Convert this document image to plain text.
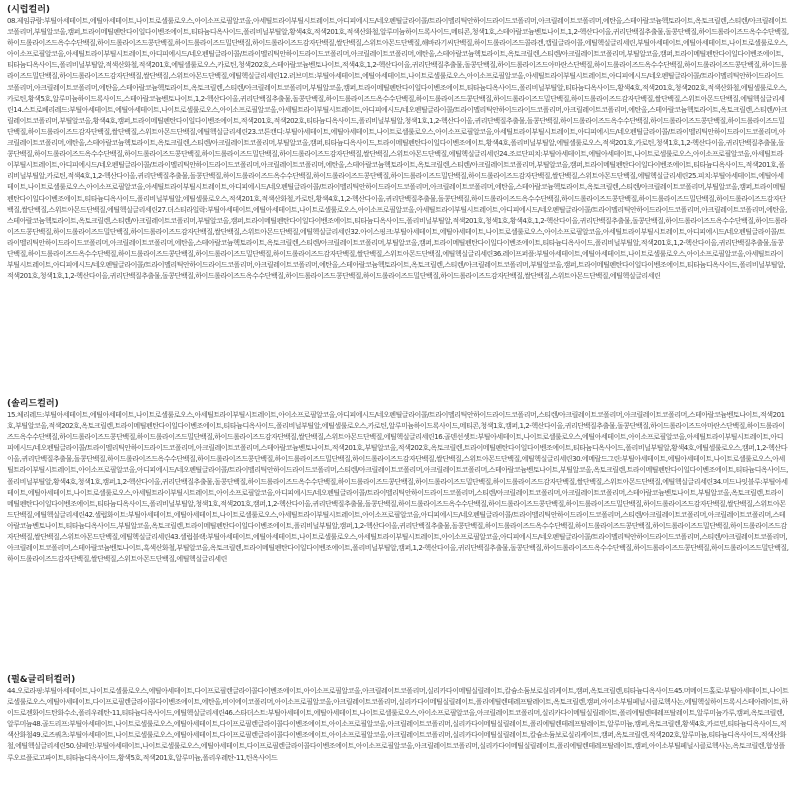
(시럽컬러)

08.제임큐람:부틸아세테이트,에틸아세테이트,나이트로셀룰로오스,아이소프로필알코올,아세틸트라이부틸시트레이트,아디피에시드/네오펜틸글라이콜/트라이멜리틱안하이드라이드코폴리머,아크릴레이트코폴리머,에탄올,스테아랄코늄헥토라이트,옥토크릴렌,스티렌/아크릴레이트코폴리머,부틸알코올,캠퍼,트라이메틸펜탄다이일다이벤조에이트,티타늄디옥사이드,폴리비닐부틸알,황색4호,적색201호,적색산화철,알루미늄하이드록사이드,메티콘,청색1호,스테아랄코늄벤토나이트,1,2-헥산다이올,귀리단백질추출물,돌콩단백질,하이드롤라이즈드옥수수단백질,하이드롤라이즈드옥수수단백질,하이드롤라이즈드콩단백질,하이드롤라이즈드밀단백질,하이드롤라이즈드감자단백질,쌀단백질,스위트아몬드단백질,해바라기씨단백질,하이드롤라이즈드콜라겐,캡릴글라이콜,에틸헥실글리세린,부틸아세테이트,에틸아세테이트,나이트로셀룰로오스,아이소프로필알코올,아세틸트라이부틸시트레이트,아디피에시드/네오펜틸글라이콜/트라이멜리틱안하이드라이드코폴리머,아크릴레이트코폴리머,에탄올,스테아랄코늄헥토라이트,옥토크릴렌,스티렌/아크릴레이트코폴리머,부틸알코올,캠퍼,트라이메틸펜탄다이일다이벤조에이트,티타늄디옥사이드,폴리비닐부틸알,적색산화철,적색201호,에틸셀룰로오스,카로틴,청색202호,스테아랄코늄벤토나이트,적색4호,1,2-헥산다이올,귀리단백질추출물,돌콩단백질,하이드롤라이즈드아마란스단백질,하이드롤라이즈드옥수수단백질,하이드롤라이즈드콩단백질,하이드롤라이즈드밀단백질,하이드롤라이즈드감자단백질,쌀단백질,스위트아몬드단백질,에틸헥실글리세린12.러브미트:부틸아세테이트,에틸아세테이트,나이트로셀룰로오스,아이소프로필알코올,아세틸트라이부틸시트레이트,아디피에시드/네오펜틸글라이콜/트라이멜리틱안하이드라이드코폴리머,아크릴레이트코폴리머,에탄올,스테아랄코늄헥토라이트,옥토크릴렌,스티렌/아크릴레이트코폴리머,부틸알코올,캠퍼,트라이메틸펜탄다이일다이벤조에이트,티타늄디옥사이드,폴리비닐부틸알,티타늄디옥사이드,황색4호,적색201호,청색202호,적색산화철,에틸셀룰로오스,카로틴,황색5호,알루미늄하이드록사이드,스테아랄코늄벤토나이트,1,2-헥산다이올,귀리단백질추출물,돌콩단백질,하이드롤라이즈드옥수수단백질,하이드롤라이즈드콩단백질,하이드롤라이즈드밀단백질,하이드롤라이즈드감자단백질,쌀단백질,스위트아몬드단백질,에틸헥실글리세린14.스트로베리레드:부틸아세테이트,에틸아세테이트,나이트로셀룰로오스,아이소프로필알코올,아세틸트라이부틸시트레이트,아디피에시드/네오펜틸글라이콜/트라이멜리틱안하이드라이드코폴리머,아크릴레이트코폴리머,에탄올,스테아랄코늄헥토라이트,옥토크릴렌,스티렌/아크릴레이트코폴리머,부틸알코올,황색4호,캠퍼,트라이메틸펜탄다이일다이벤조에이트,적색201호,적색202호,티타늄디옥사이드,폴리비닐부틸알,청색1호,1,2-헥산다이올,귀리단백질추출물,돌콩단백질,하이드롤라이즈드옥수수단백질,하이드롤라이즈드콩단백질,하이드롤라이즈드밀단백질,하이드롤라이즈드감자단백질,쌀단백질,스위트아몬드단백질,에틸헥실글리세린23.코튼캔디:부틸아세테이트,에틸아세테이트,나이트로셀룰로오스,아이소프로필알코올,아세틸트라이부틸시트레이트,아디피에시드/네오펜틸글라이콜/트라이멜리틱안하이드라이드코폴리머,아크릴레이트코폴리머,에탄올,스테아랄코늄헥토라이트,옥토크릴렌,스티렌/아크릴레이트코폴리머,부틸알코올,캠퍼,티타늄디옥사이드,트라이메틸펜탄다이일다이벤조에이트,황색4호,폴리비닐부틸알,에틸셀룰로오스,적색201호,카로틴,청색1호,1,2-헥산다이올,귀리단백질추출물,돌콩단백질,하이드롤라이즈드옥수수단백질,하이드롤라이즈드콩단백질,하이드롤라이즈드밀단백질,하이드롤라이즈드감자단백질,쌀단백질,스위트아몬드단백질,에틸헥실글리세린24.조르단피치:부틸아세테이트,에틸아세테이트,나이트로셀룰로오스,아이소프로필알코올,아세틸트라이부틸시트레이트,아디피에시드/네오펜틸글라이콜/트라이멜리틱안하이드라이드코폴리머,아크릴레이트코폴리머,에탄올,스테아랄코늄헥토라이트,옥토크릴렌,스티렌/아크릴레이트코폴리머,부틸알코올,캠퍼,트라이메틸펜탄다이일다이벤조에이트,티타늄디옥사이드,적색201호,폴리비닐부틸알,카로틴,적색4호,1,2-헥산다이올,귀리단백질추출물,돌콩단백질,하이드롤라이즈드옥수수단백질,하이드롤라이즈드콩단백질,하이드롤라이즈드밀단백질,하이드롤라이즈드감자단백질,쌀단백질,스위트아몬드단백질,에틸헥실글리세린25.피치:부틸아세테이트,에틸아세테이트,나이트로셀룰로오스,아이소프로필알코올,아세틸트라이부틸시트레이트,아디피에시드/네오펜틸글라이콜/트라이멜리틱안하이드라이드코폴리머,아크릴레이트코폴리머,에탄올,스테아랄코늄헥토라이트,옥토크릴렌,스티렌/아크릴레이트코폴리머,부틸알코올,캠퍼,트라이메틸펜탄다이일다이벤조에이트,티타늄디옥사이드,폴리비닐부틸알,에틸셀룰로오스,적색201호,적색산화철,카로틴,황색4호,1,2-헥산다이올,귀리단백질추출물,돌콩단백질,하이드롤라이즈드옥수수단백질,하이드롤라이즈드콩단백질,하이드롤라이즈드밀단백질,하이드롤라이즈드감자단백질,쌀단백질,스위트아몬드단백질,에틸헥실글리세린27.더스티라일락:부틸아세테이트,에틸아세테이트,나이트로셀룰로오스,아이소프로필알코올,아세틸트라이부틸시트레이트,아디피에시드/네오펜틸글라이콜/트라이멜리틱안하이드라이드코폴리머,아크릴레이트코폴리머,에탄올,스테아랄코늄헥토라이트,옥토크릴렌,스티렌/아크릴레이트코폴리머,부틸알코올,캠퍼,트라이메틸펜탄다이일다이벤조에이트,티타늄디옥사이드,폴리비닐부틸알,적색201호,청색1호,황색4호,1,2-헥산다이올,귀리단백질추출물,돌콩단백질,하이드롤라이즈드옥수수단백질,하이드롤라이즈드콩단백질,하이드롤라이즈드밀단백질,하이드롤라이즈드감자단백질,쌀단백질,스위트아몬드단백질,에틸헥실글리세린32.아이스핑크:부틸아세테이트,에틸아세테이트,나이트로셀룰로오스,아이소프로필알코올,아세틸트라이부틸시트레이트,아디피에시드/네오펜틸글라이콜/트라이멜리틱안하이드라이드코폴리머,아크릴레이트코폴리머,에탄올,스테아랄코늄헥토라이트,옥토크릴렌,스티렌/아크릴레이트코폴리머,부틸알코올,캠퍼,트라이메틸펜탄다이일다이벤조에이트,티타늄디옥사이드,폴리비닐부틸알,적색201호,1,2-헥산다이올,귀리단백질추출물,돌콩단백질,하이드롤라이즈드옥수수단백질,하이드롤라이즈드콩단백질,하이드롤라이즈드밀단백질,하이드롤라이즈드감자단백질,쌀단백질,스위트아몬드단백질,에틸헥실글리세린36.레이프퍼플:부틸아세테이트,에틸아세테이트,나이트로셀룰로오스,아이소프로필알코올,아세틸트라이부틸시트레이트,아디피에시드/네오펜틸글라이콜/트라이멜리틱안하이드라이드코폴리머,아크릴레이트코폴리머,에탄올,스테아랄코늄헥토라이트,옥토크릴렌,스티렌/아크릴레이트코폴리머,부틸알코올,캠퍼,트라이메틸펜탄다이일다이벤조에이트,티타늄디옥사이드,폴리비닐부틸알,적색201호,청색1호,1,2-헥산다이올,귀리단백질추출물,돌콩단백질,하이드롤라이즈드옥수수단백질,하이드롤라이즈드콩단백질,하이드롤라이즈드밀단백질,하이드롤라이즈드감자단백질,쌀단백질,스위트아몬드단백질,에틸헥실글리세린

(솔리드컬러)

15.체리레드:부틸아세테이트,에틸아세테이트,나이트로셀룰로오스,아세틸트라이부틸시트레이트,아이소프로필알코올,아디피에시드/네오펜틸글라이콜/트라이멜리틱안하이드라이드코폴리머,스티렌/아크릴레이트코폴리머,아크릴레이트코폴리머,스테아랄코늄벤토나이트,적색201호,부틸알코올,적색202호,옥토크릴렌,트라이메틸펜탄다이일다이벤조에이트,티타늄디옥사이드,폴리비닐부틸알,에틸셀룰로오스,카로틴,알루미늄하이드록사이드,메티콘,청색1호,캠퍼,1,2-헥산다이올,귀리단백질추출물,돌콩단백질,하이드롤라이즈드아마란스단백질,하이드롤라이즈드옥수수단백질,하이드롤라이즈드콩단백질,하이드롤라이즈드밀단백질,하이드롤라이즈드감자단백질,쌀단백질,스위트아몬드단백질,에틸헥실글리세린16.골덴선셋트:부틸아세테이트,나이트로셀룰로오스,에틸아세테이트,아이소프로필알코올,아세틸트라이부틸시트레이트,아디피에시드/네오펜틸글라이콜/트라이멜리틱안하이드라이드코폴리머,아크릴레이트코폴리머,스테아랄코늄벤토나이트,적색201호,부틸알코올,적색202호,옥토크릴렌,트라이메틸펜탄다이일다이벤조에이트,티타늄디옥사이드,폴리비닐부틸알,황색4호,에틸셀룰로오스,캠퍼,1,2-헥산다이올,귀리단백질추출물,돌콩단백질,하이드롤라이즈드옥수수단백질,하이드롤라이즈드콩단백질,하이드롤라이즈드밀단백질,하이드롤라이즈드감자단백질,쌀단백질,스위트아몬드단백질,에틸헥실글리세린30.에메랄드그린:부틸아세테이트,에틸아세테이트,나이트로셀룰로오스,아세틸트라이부틸시트레이트,아이소프로필알코올,아디피에시드/네오펜틸글라이콜/트라이멜리틱안하이드라이드코폴리머,스티렌/아크릴레이트코폴리머,아크릴레이트코폴리머,스테아랄코늄벤토나이트,부틸알코올,옥토크릴렌,트라이메틸펜탄다이일다이벤조에이트,티타늄디옥사이드,폴리비닐부틸알,황색4호,청색1호,캠퍼,1,2-헥산다이올,귀리단백질추출물,돌콩단백질,하이드롤라이즈드옥수수단백질,하이드롤라이즈드콩단백질,하이드롤라이즈드밀단백질,하이드롤라이즈드감자단백질,쌀단백질,스위트아몬드단백질,에틸헥실글리세린34.미드나잇블루:부틸아세테이트,에틸아세테이트,나이트로셀룰로오스,아세틸트라이부틸시트레이트,아이소프로필알코올,아디피에시드/네오펜틸글라이콜/트라이멜리틱안하이드라이드코폴리머,스티렌/아크릴레이트코폴리머,아크릴레이트코폴리머,스테아랄코늄벤토나이트,부틸알코올,옥토크릴렌,트라이메틸펜탄다이일다이벤조에이트,티타늄디옥사이드,폴리비닐부틸알,청색1호,적색201호,캠퍼,1,2-헥산다이올,귀리단백질추출물,돌콩단백질,하이드롤라이즈드옥수수단백질,하이드롤라이즈드콩단백질,하이드롤라이즈드밀단백질,하이드롤라이즈드감자단백질,쌀단백질,스위트아몬드단백질,에틸헥실글리세린42.셀럽화이트:부틸아세테이트,에틸아세테이트,나이트로셀룰로오스,아세틸트라이부틸시트레이트,아이소프로필알코올,아디피에시드/네오펜틸글라이콜/트라이멜리틱안하이드라이드코폴리머,스티렌/아크릴레이트코폴리머,아크릴레이트코폴리머,스테아랄코늄벤토나이트,티타늄디옥사이드,부틸알코올,옥토크릴렌,트라이메틸펜탄다이일다이벤조에이트,폴리비닐부틸알,캠퍼,1,2-헥산다이올,귀리단백질추출물,돌콩단백질,하이드롤라이즈드옥수수단백질,하이드롤라이즈드콩단백질,하이드롤라이즈드밀단백질,하이드롤라이즈드감자단백질,쌀단백질,스위트아몬드단백질,에틸헥실글리세린43.셀럽블랙:부틸아세테이트,에틸아세테이트,나이트로셀룰로오스,아세틸트라이부틸시트레이트,아이소프로필알코올,아디피에시드/네오펜틸글라이콜/트라이멜리틱안하이드라이드코폴리머,스티렌/아크릴레이트코폴리머,아크릴레이트코폴리머,스테아랄코늄벤토나이트,흑색산화철,부틸알코올,옥토크릴렌,트라이메틸펜탄다이일다이벤조에이트,폴리비닐부틸알,캠퍼,1,2-헥산다이올,귀리단백질추출물,돌콩단백질,하이드롤라이즈드옥수수단백질,하이드롤라이즈드콩단백질,하이드롤라이즈드밀단백질,하이드롤라이즈드감자단백질,쌀단백질,스위트아몬드단백질,에틸헥실글리세린

(펄&글리터컬러)

44.오로라핑:부틸아세테이트,나이트로셀룰로오스,에틸아세테이트,다이프로필렌글라이콜다이벤조에이트,아이소프로필알코올,아크릴레이트코폴리머,실리카다이메틸실릴레이트,칼슘소듐보로실리케이트,캠퍼,옥토크릴렌,티타늄디옥사이드45.머메이드홀로:부틸아세테이트,나이트로셀룰로오스,에틸아세테이트,다이프로필렌글라이콜다이벤조에이트,에탄올,비이에이코폴리머,아이소프로필알코올,아크릴레이트코폴리머,실리카다이메틸실릴레이트,폴리에틸렌테레프탈레이트,옥토크릴렌,캠퍼,아이소부틸페닐시클로헥사논,에틸헥실하이드록시스테아레이트,하이드로젠화이드탄화수소,폴리우레탄-11,티타늄디옥사이드,에틸헥실글리세린46.스타더스트:부틸아세테이트,에틸아세테이트,나이트로셀룰로오스,아이소프로필알코올,아크릴레이트코폴리머,실리카다이메틸실릴레이트,폴리에틸렌테레프탈레이트,알루미늄가루,캠퍼,옥토크릴렌,알루미늄48.골드리프:부틸아세테이트,나이트로셀룰로오스,에틸아세테이트,다이프로필렌글라이콜다이벤조에이트,아이소프로필알코올,아크릴레이트코폴리머,실리카다이메틸실릴레이트,폴리에틸렌테레프탈레이트,알루미늄,캠퍼,옥토크릴렌,황색4호,카르민,티타늄디옥사이드,적색산화철49.로즈쿼츠:부틸아세테이트,나이트로셀룰로오스,에틸아세테이트,다이프로필렌글라이콜다이벤조에이트,아이소프로필알코올,아크릴레이트코폴리머,실리카다이메틸실릴레이트,칼슘소듐보로실리케이트,캠퍼,옥토크릴렌,적색202호,알루미늄,티타늄디옥사이드,적색산화철,에틸헥실글리세린50.샴페인:부틸아세테이트,나이트로셀룰로오스,에틸아세테이트,다이프로필렌글라이콜다이벤조에이트,아이소프로필알코올,아크릴레이트코폴리머,실리카다이메틸실릴레이트,폴리에틸렌테레프탈레이트,캠퍼,아이소부틸페닐시클로헥사논,옥토크릴렌,합성플루오르플로고파이트,티타늄디옥사이드,황색5호,적색201호,알루미늄,폴리우레탄-11,틴옥사이드
